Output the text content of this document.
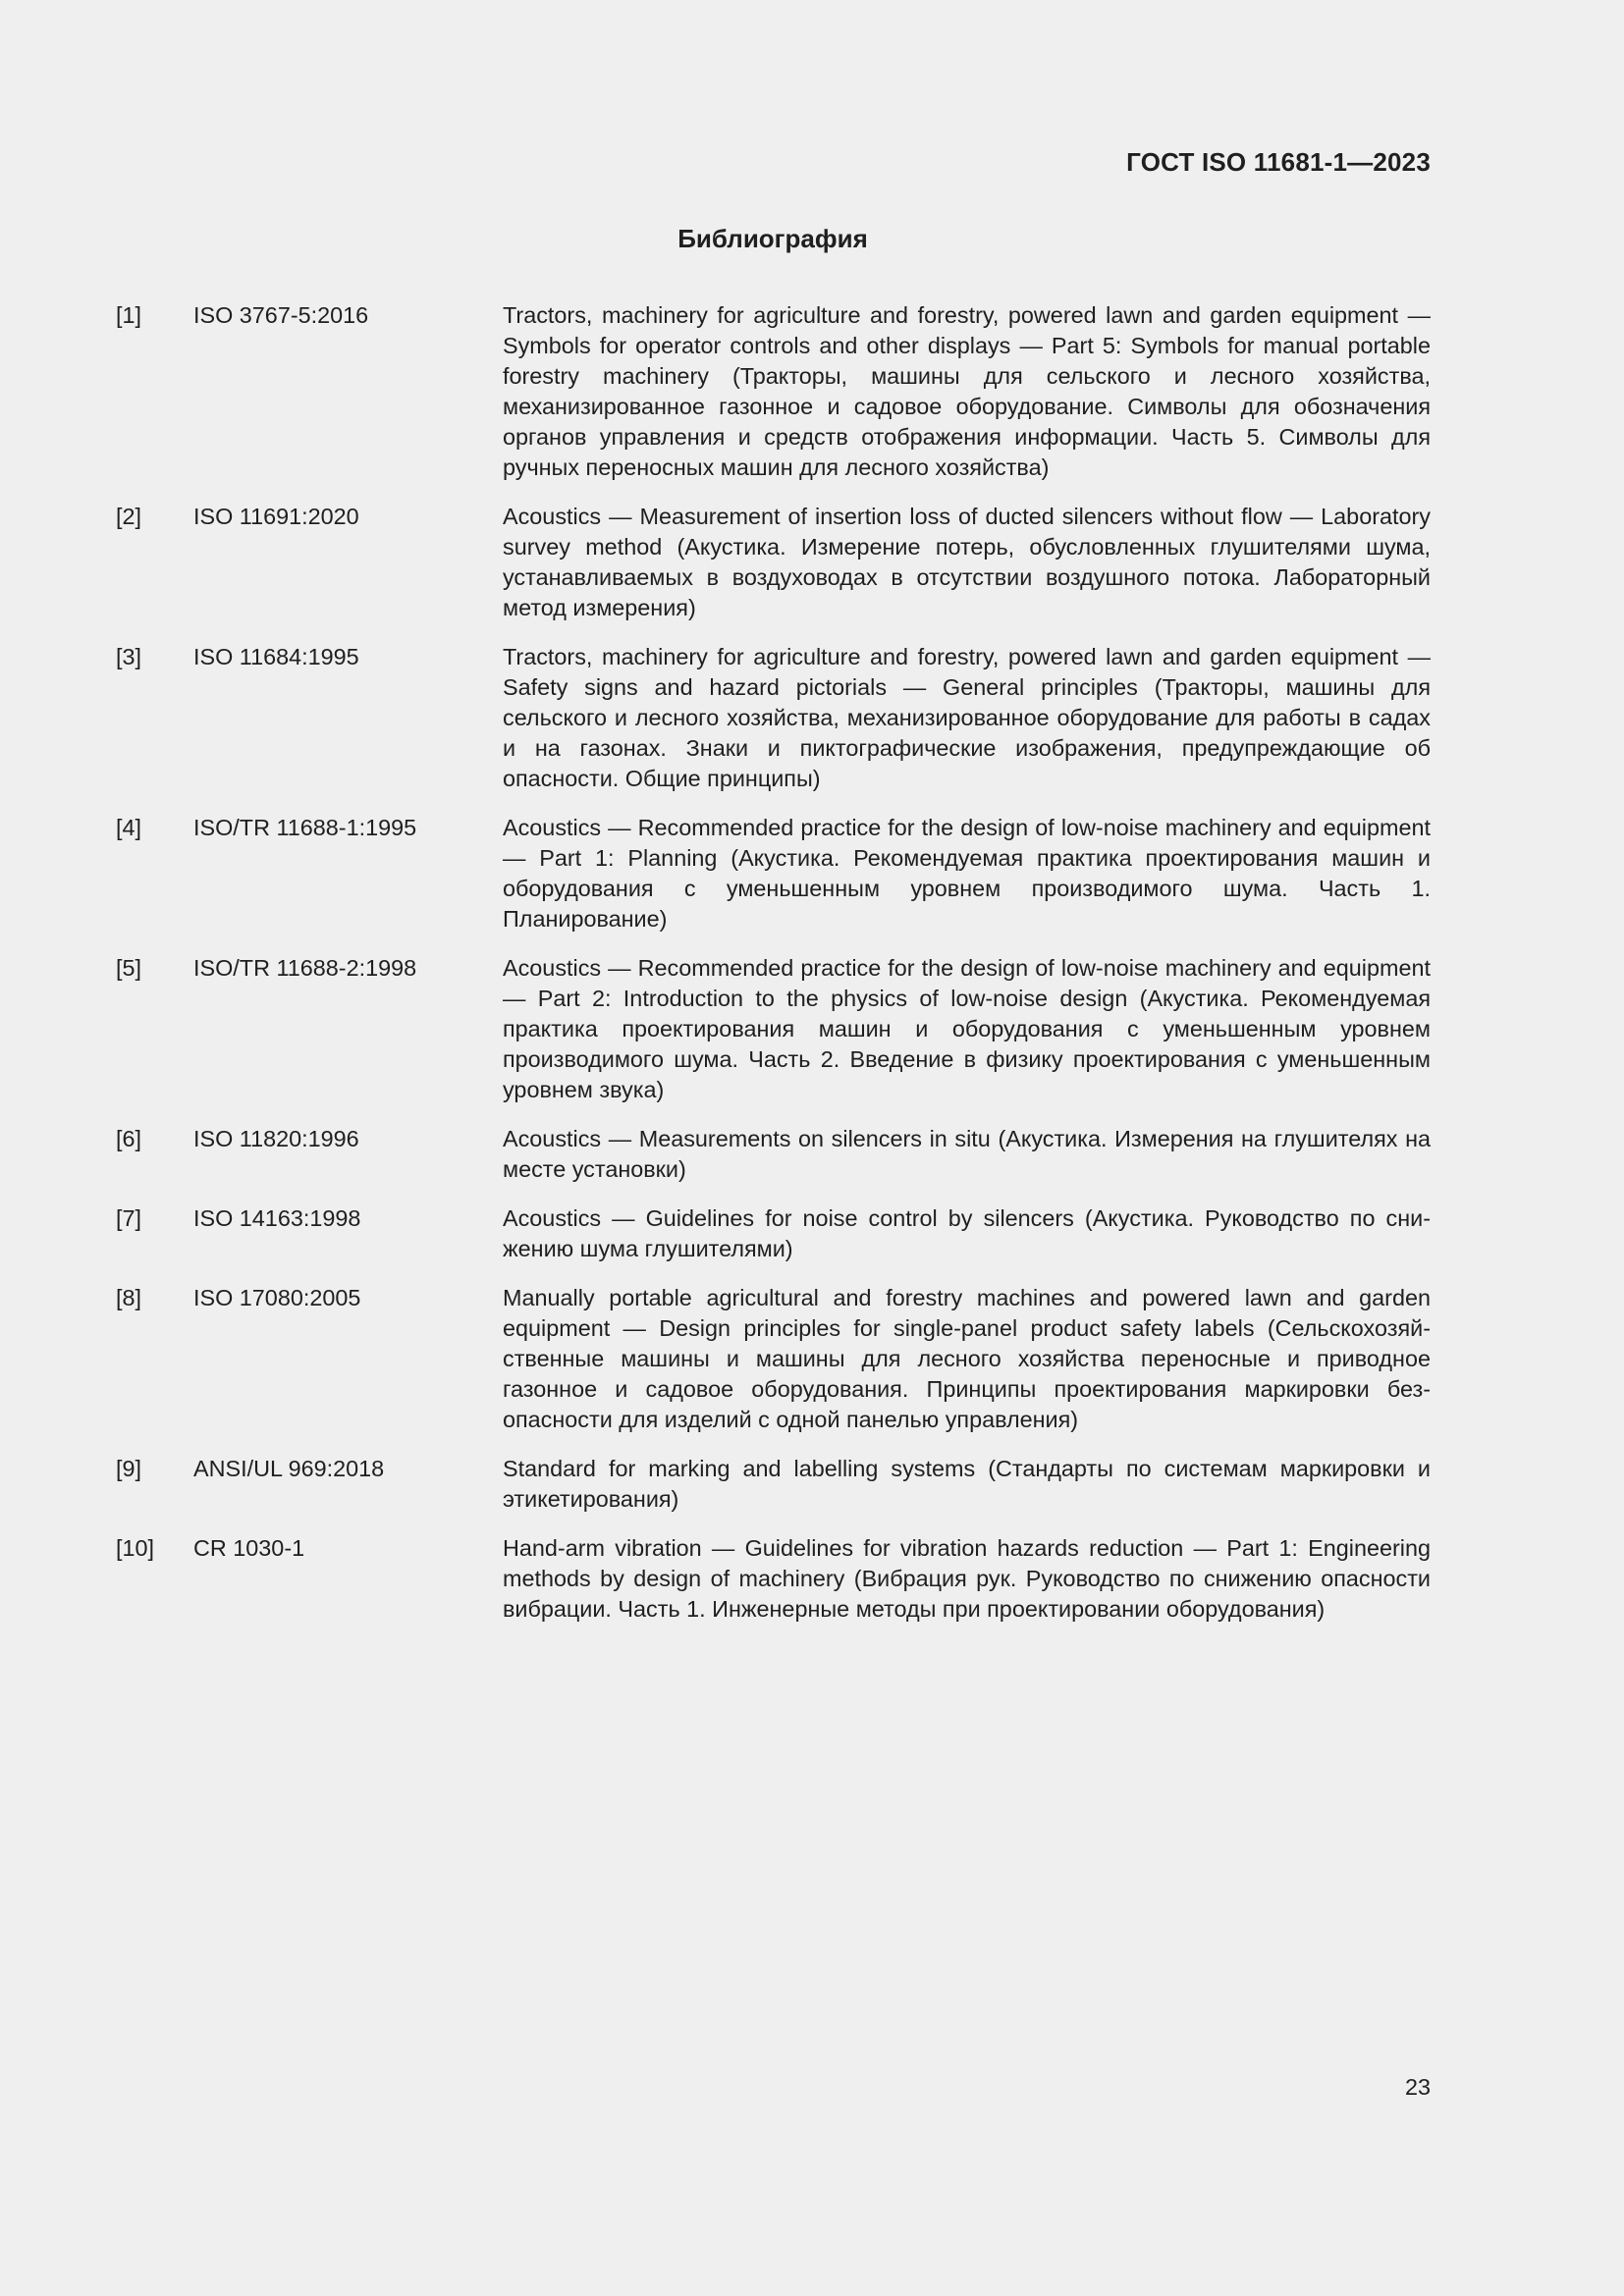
ГОСТ ISO 11681-1—2023
Библиография
[1]	ISO 3767-5:2016	Tractors, machinery for agriculture and forestry, powered lawn and garden equipment — Symbols for operator controls and other displays — Part 5: Symbols for manual portable forestry machinery (Тракторы, машины для сельского и лесного хозяйства, механизированное газонное и садовое оборудование. Символы для обозначения органов управления и средств отображения информации. Часть 5. Символы для ручных переносных машин для лесного хозяйства)
[2]	ISO 11691:2020	Acoustics — Measurement of insertion loss of ducted silencers without flow — Laboratory survey method (Акустика. Измерение потерь, обусловленных глушителями шума, устанавливаемых в воздуховодах в отсутствии воздушного потока. Лабораторный метод измерения)
[3]	ISO 11684:1995	Tractors, machinery for agriculture and forestry, powered lawn and garden equipment — Safety signs and hazard pictorials — General principles (Тракторы, машины для сельского и лесного хозяйства, механизированное оборудование для работы в садах и на газонах. Знаки и пиктографические изображения, предупреждающие об опасности. Общие принципы)
[4]	ISO/TR 11688-1:1995	Acoustics — Recommended practice for the design of low-noise machinery and equipment — Part 1: Planning (Акустика. Рекомендуемая практика проектирования машин и оборудования с уменьшенным уровнем производимого шума. Часть 1. Планирование)
[5]	ISO/TR 11688-2:1998	Acoustics — Recommended practice for the design of low-noise machinery and equipment — Part 2: Introduction to the physics of low-noise design (Акустика. Рекомендуемая практика проектирования машин и оборудования с уменьшенным уровнем производимого шума. Часть 2. Введение в физику проектирования с уменьшенным уровнем звука)
[6]	ISO 11820:1996	Acoustics — Measurements on silencers in situ (Акустика. Измерения на глушителях на месте установки)
[7]	ISO 14163:1998	Acoustics — Guidelines for noise control by silencers (Акустика. Руководство по снижению шума глушителями)
[8]	ISO 17080:2005	Manually portable agricultural and forestry machines and powered lawn and garden equipment — Design principles for single-panel product safety labels (Сельскохозяйственные машины и машины для лесного хозяйства переносные и приводное газонное и садовое оборудования. Принципы проектирования маркировки безопасности для изделий с одной панелью управления)
[9]	ANSI/UL 969:2018	Standard for marking and labelling systems (Стандарты по системам маркировки и этикетирования)
[10]	CR 1030-1	Hand-arm vibration — Guidelines for vibration hazards reduction — Part 1: Engineering methods by design of machinery (Вибрация рук. Руководство по снижению опасности вибрации. Часть 1. Инженерные методы при проектировании оборудования)
23
